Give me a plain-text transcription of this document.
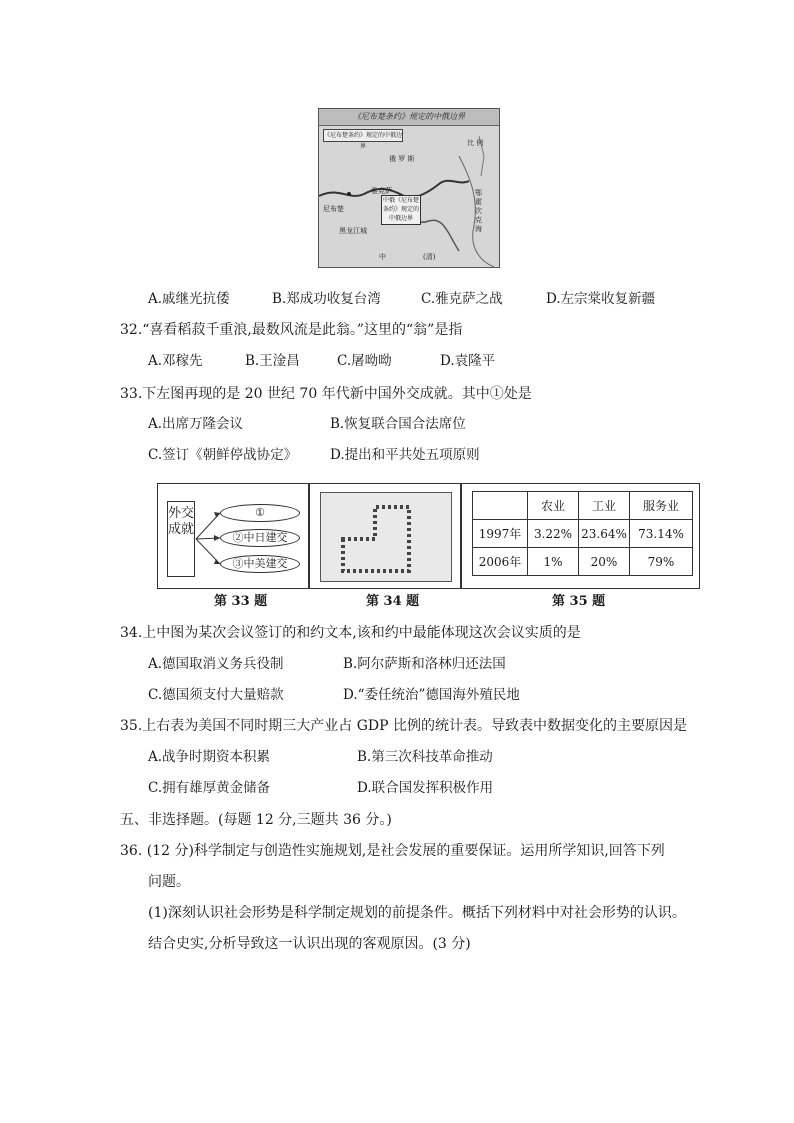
《尼布楚条约》规定的中俄边界
《尼布楚条约》规定的中俄边界
俄 罗 斯
尼布楚
雅克萨
黑龙江城
中	(清)
比 例
鄂霍次克海
中俄《尼布楚条约》规定的中俄边界
A.戚继光抗倭	B.郑成功收复台湾	C.雅克萨之战	D.左宗棠收复新疆
32.“喜看稻菽千重浪,最数风流是此翁。”这里的“翁”是指
A.邓稼先	B.王淦昌	C.屠呦呦	D.袁隆平
33.下左图再现的是 20 世纪 70 年代新中国外交成就。其中①处是
A.出席万隆会议	B.恢复联合国合法席位
C.签订《朝鲜停战协定》 D.提出和平共处五项原则
外交成就
①
②中日建交
③中美建交
	农业	工业	服务业
1997年	3.22%	23.64%	73.14%
2006年	1%	20%	79%
第 33 题	第 34 题	第 35 题
34.上中图为某次会议签订的和约文本,该和约中最能体现这次会议实质的是
A.德国取消义务兵役制	B.阿尔萨斯和洛林归还法国
C.德国须支付大量赔款	D.“委任统治”德国海外殖民地
35.上右表为美国不同时期三大产业占 GDP 比例的统计表。导致表中数据变化的主要原因是
A.战争时期资本积累	B.第三次科技革命推动
C.拥有雄厚黄金储备	D.联合国发挥积极作用
五、非选择题。(每题 12 分,三题共 36 分。)
36. (12 分)科学制定与创造性实施规划,是社会发展的重要保证。运用所学知识,回答下列
问题。
(1)深刻认识社会形势是科学制定规划的前提条件。概括下列材料中对社会形势的认识。
结合史实,分析导致这一认识出现的客观原因。(3 分)
